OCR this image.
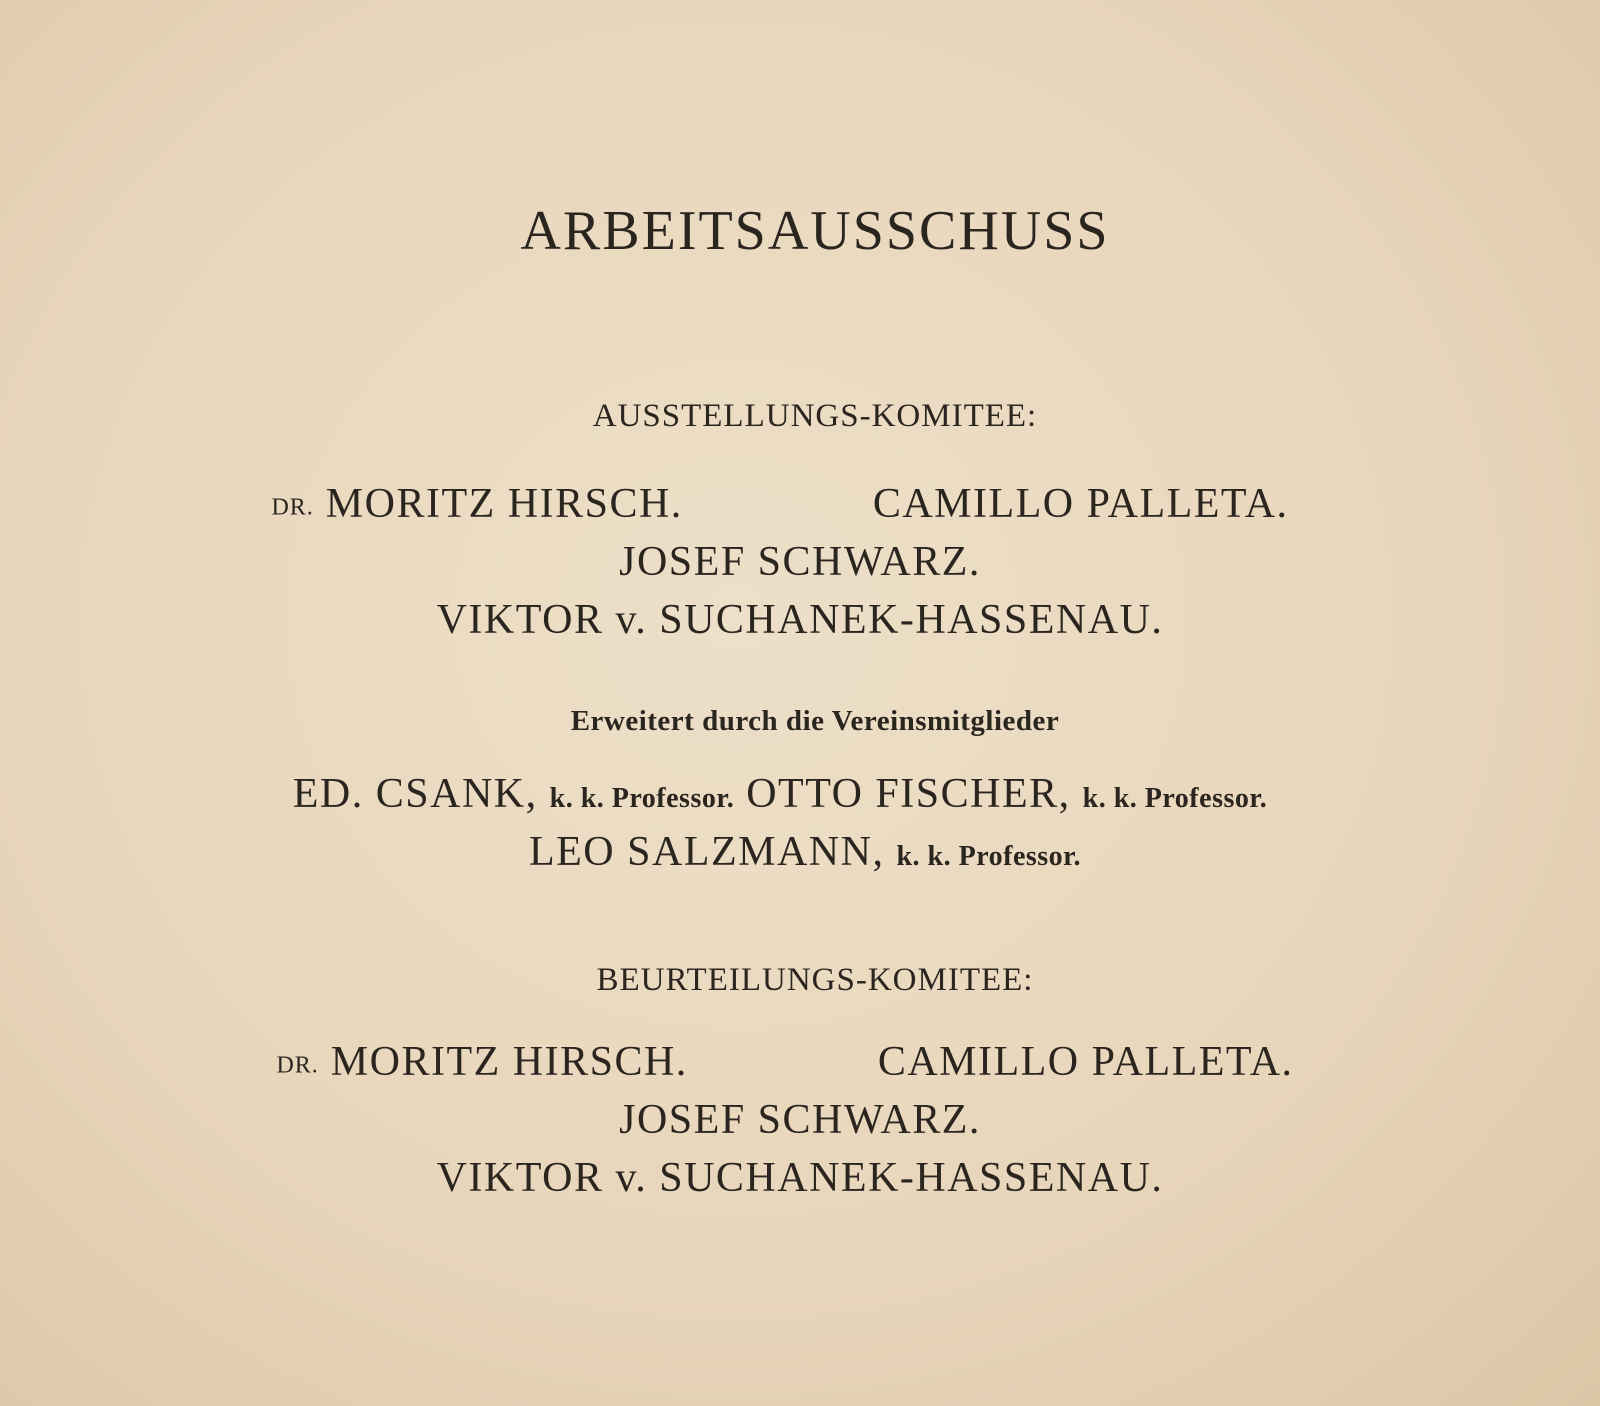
ARBEITSAUSSCHUSS
AUSSTELLUNGS-KOMITEE:
DR. MORITZ HIRSCH.	CAMILLO PALLETA.
JOSEF SCHWARZ.
VIKTOR v. SUCHANEK-HASSENAU.
Erweitert durch die Vereinsmitglieder
ED. CSANK, k. k. Professor. OTTO FISCHER, k. k. Professor.
LEO SALZMANN, k. k. Professor.
BEURTEILUNGS-KOMITEE:
DR. MORITZ HIRSCH.	CAMILLO PALLETA.
JOSEF SCHWARZ.
VIKTOR v. SUCHANEK-HASSENAU.
